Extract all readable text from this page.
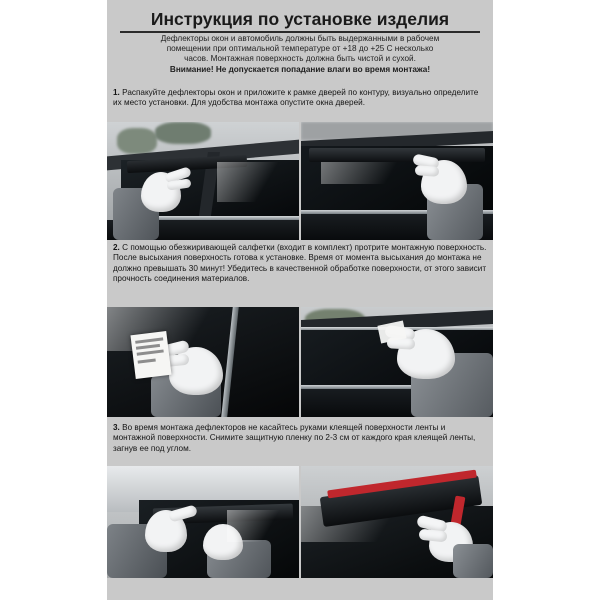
Инструкция по установке изделия
Дефлекторы окон и автомобиль должны быть выдержанными в рабочем
помещении при оптимальной температуре от +18 до +25 С несколько
часов. Монтажная поверхность должна быть чистой и сухой.
Внимание! Не допускается попадание влаги во время монтажа!
1. Распакуйте дефлекторы окон и приложите к рамке дверей по контуру, визуально определите их место установки. Для удобства монтажа опустите окна дверей.
2. С помощью обезжиривающей салфетки (входит в комплект) протрите монтажную поверхность. После высыхания поверхность готова к установке. Время от момента высыхания до монтажа не должно превышать 30 минут! Убедитесь в качественной обработке поверхности, от этого зависит прочность соединения материалов.
3. Во время монтажа дефлекторов не касайтесь руками клеящей поверхности ленты и монтажной поверхности. Снимите защитную пленку по 2-3 см от каждого края клеящей ленты, загнув ее под углом.
